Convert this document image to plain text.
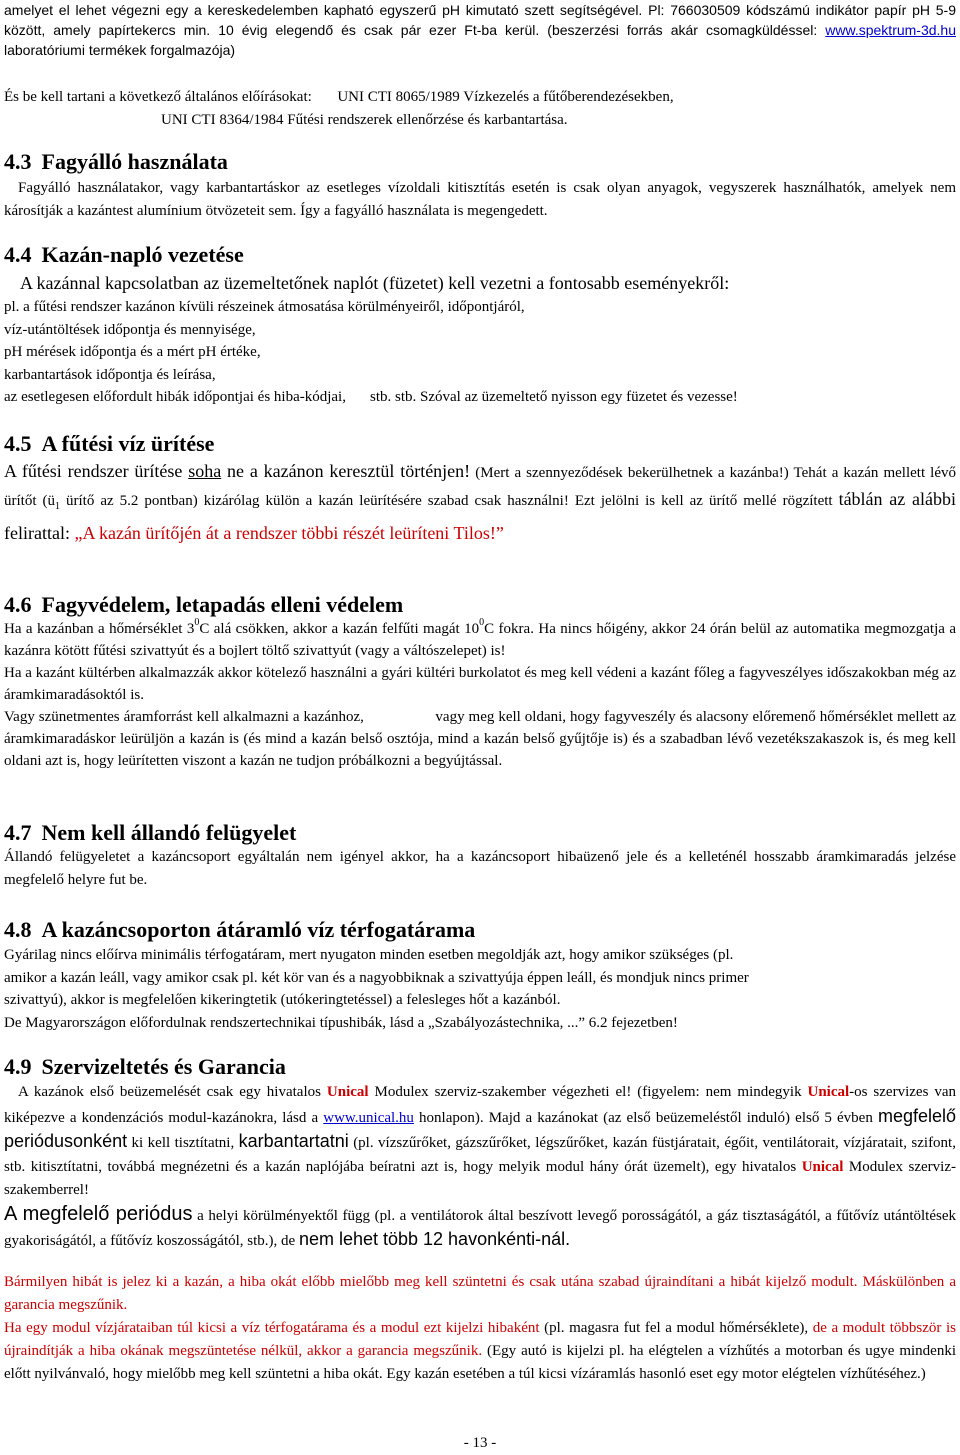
amelyet el lehet végezni egy a kereskedelemben kapható egyszerű pH kimutató szett segítségével. Pl: 766030509 kódszámú indikátor papír pH 5-9 között, amely papírtekercs min. 10 évig elegendő és csak pár ezer Ft-ba kerül. (beszerzési forrás akár csomagküldéssel: www.spektrum-3d.hu laboratóriumi termékek forgalmazója)

És be kell tartani a következő általános előírásokat: UNI CTI 8065/1989 Vízkezelés a fűtőberendezésekben,
UNI CTI 8364/1984 Fűtési rendszerek ellenőrzése és karbantartása.
4.3 Fagyálló használata

Fagyálló használatakor, vagy karbantartáskor az esetleges vízoldali kitisztítás esetén is csak olyan anyagok, vegyszerek használhatók, amelyek nem károsítják a kazántest alumínium ötvözeteit sem. Így a fagyálló használata is megengedett.

4.4 Kazán-napló vezetése

A kazánnal kapcsolatban az üzemeltetőnek naplót (füzetet) kell vezetni a fontosabb eseményekről:

pl. a fűtési rendszer kazánon kívüli részeinek átmosatása körülményeiről, időpontjáról,
víz-utántöltések időpontja és mennyisége,
pH mérések időpontja és a mért pH értéke,
karbantartások időpontja és leírása,
az esetlegesen előfordult hibák időpontjai és hiba-kódjai, stb. stb. Szóval az üzemeltető nyisson egy füzetet és vezesse!
4.5 A fűtési víz ürítése

A fűtési rendszer ürítése soha ne a kazánon keresztül történjen! (Mert a szennyeződések bekerülhetnek a kazánba!) Tehát a kazán mellett lévő ürítőt ($ü_1$ ürítő az 5.2 pontban) kizárólag külön a kazán leürítésére szabad csak használni! Ezt jelölni is kell az ürítő mellé rögzített táblán az alábbi felirattal: „A kazán ürítőjén át a rendszer többi részét leüríteni Tilos!”

4.6 Fagyvédelem, letapadás elleni védelem

Ha a kazánban a hőmérséklet $3^0C$ alá csökken, akkor a kazán felfűti magát $10^0C$ fokra. Ha nincs hőigény, akkor 24 órán belül az automatika megmozgatja a kazánra kötött fűtési szivattyút és a bojlert töltő szivattyút (vagy a váltószelepet) is!

Ha a kazánt kültérben alkalmazzák akkor kötelező használni a gyári kültéri burkolatot és meg kell védeni a kazánt főleg a fagyveszélyes időszakokban még az áramkimaradásoktól is.

Vagy szünetmentes áramforrást kell alkalmazni a kazánhoz,                  vagy meg kell oldani, hogy fagyveszély és alacsony előremenő hőmérséklet mellett az áramkimaradáskor leürüljön a kazán is (és mind a kazán belső osztója, mind a kazán belső gyűjtője is) és a szabadban lévő vezetékszakaszok is, és meg kell oldani azt is, hogy leürítetten viszont a kazán ne tudjon próbálkozni a begyújtással.

4.7 Nem kell állandó felügyelet

Állandó felügyeletet a kazáncsoport egyáltalán nem igényel akkor, ha a kazáncsoport hibaüzenő jele és a kelleténél hosszabb áramkimaradás jelzése megfelelő helyre fut be.

4.8 A kazáncsoporton átáramló víz térfogatárama
Gyárilag nincs előírva minimális térfogatáram, mert nyugaton minden esetben megoldják azt, hogy amikor szükséges (pl.
amikor a kazán leáll, vagy amikor csak pl. két kör van és a nagyobbiknak a szivattyúja éppen leáll, és mondjuk nincs primer
szivattyú), akkor is megfelelően kikeringtetik (utókeringtetéssel) a felesleges hőt a kazánból.
De Magyarországon előfordulnak rendszertechnikai típushibák, lásd a „Szabályozástechnika, ...” 6.2 fejezetben!
4.9 Szervizeltetés és Garancia

A kazánok első beüzemelését csak egy hivatalos Unical Modulex szerviz-szakember végezheti el! (figyelem: nem mindegyik Unical-os szervizes van kiképezve a kondenzációs modul-kazánokra, lásd a www.unical.hu honlapon). Majd a kazánokat (az első beüzemeléstől induló) első 5 évben megfelelő periódusonként ki kell tisztítatni, karbantartatni (pl. vízszűrőket, gázszűrőket, légszűrőket, kazán füstjáratait, égőit, ventilátorait, vízjáratait, szifont, stb. kitisztítatni, továbbá megnézetni és a kazán naplójába beíratni azt is, hogy melyik modul hány órát üzemelt), egy hivatalos Unical Modulex szerviz-szakemberrel!
A megfelelő periódus a helyi körülményektől függ (pl. a ventilátorok által beszívott levegő porosságától, a gáz tisztaságától, a fűtővíz utántöltések gyakoriságától, a fűtővíz koszosságától, stb.), de nem lehet több 12 havonkénti-nál.

Bármilyen hibát is jelez ki a kazán, a hiba okát előbb mielőbb meg kell szüntetni és csak utána szabad újraindítani a hibát kijelző modult. Máskülönben a garancia megszűnik.

Ha egy modul vízjárataiban túl kicsi a víz térfogatárama és a modul ezt kijelzi hibaként (pl. magasra fut fel a modul hőmérséklete), de a modult többször is újraindítják a hiba okának megszüntetése nélkül, akkor a garancia megszűnik. (Egy autó is kijelzi pl. ha elégtelen a vízhűtés a motorban és ugye mindenki előtt nyilvánvaló, hogy mielőbb meg kell szüntetni a hiba okát. Egy kazán esetében a túl kicsi vízáramlás hasonló eset egy motor elégtelen vízhűtéséhez.)

- 13 -
